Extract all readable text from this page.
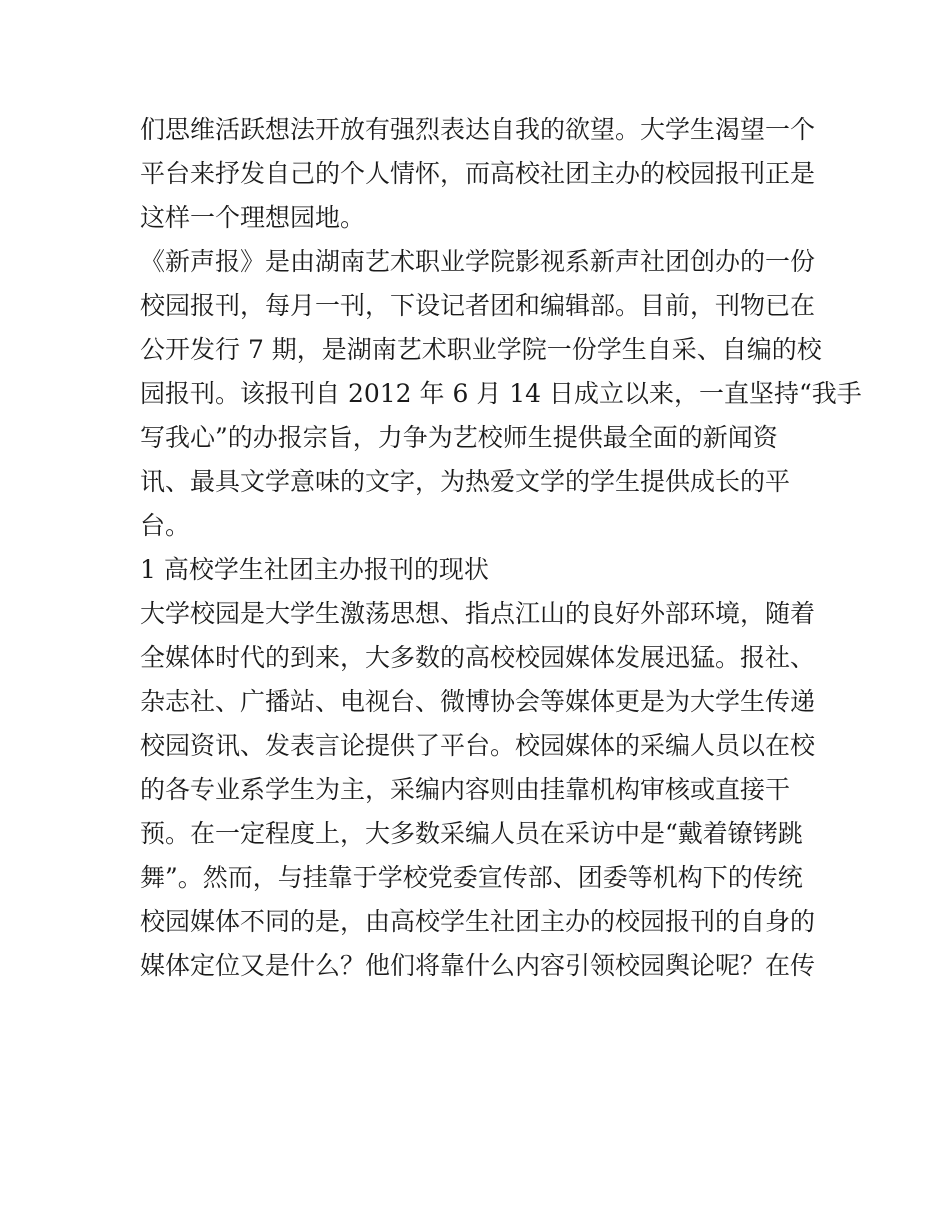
们思维活跃想法开放有强烈表达自我的欲望。大学生渴望一个
平台来抒发自己的个人情怀，而高校社团主办的校园报刊正是
这样一个理想园地。
《新声报》是由湖南艺术职业学院影视系新声社团创办的一份
校园报刊，每月一刊，下设记者团和编辑部。目前，刊物已在
公开发行 7 期，是湖南艺术职业学院一份学生自采、自编的校
园报刊。该报刊自 2012 年 6 月 14 日成立以来，一直坚持“我手
写我心”的办报宗旨，力争为艺校师生提供最全面的新闻资
讯、最具文学意味的文字，为热爱文学的学生提供成长的平
台。
1 高校学生社团主办报刊的现状
大学校园是大学生激荡思想、指点江山的良好外部环境，随着
全媒体时代的到来，大多数的高校校园媒体发展迅猛。报社、
杂志社、广播站、电视台、微博协会等媒体更是为大学生传递
校园资讯、发表言论提供了平台。校园媒体的采编人员以在校
的各专业系学生为主，采编内容则由挂靠机构审核或直接干
预。在一定程度上，大多数采编人员在采访中是“戴着镣铐跳
舞”。然而，与挂靠于学校党委宣传部、团委等机构下的传统
校园媒体不同的是，由高校学生社团主办的校园报刊的自身的
媒体定位又是什么？他们将靠什么内容引领校园舆论呢？在传
